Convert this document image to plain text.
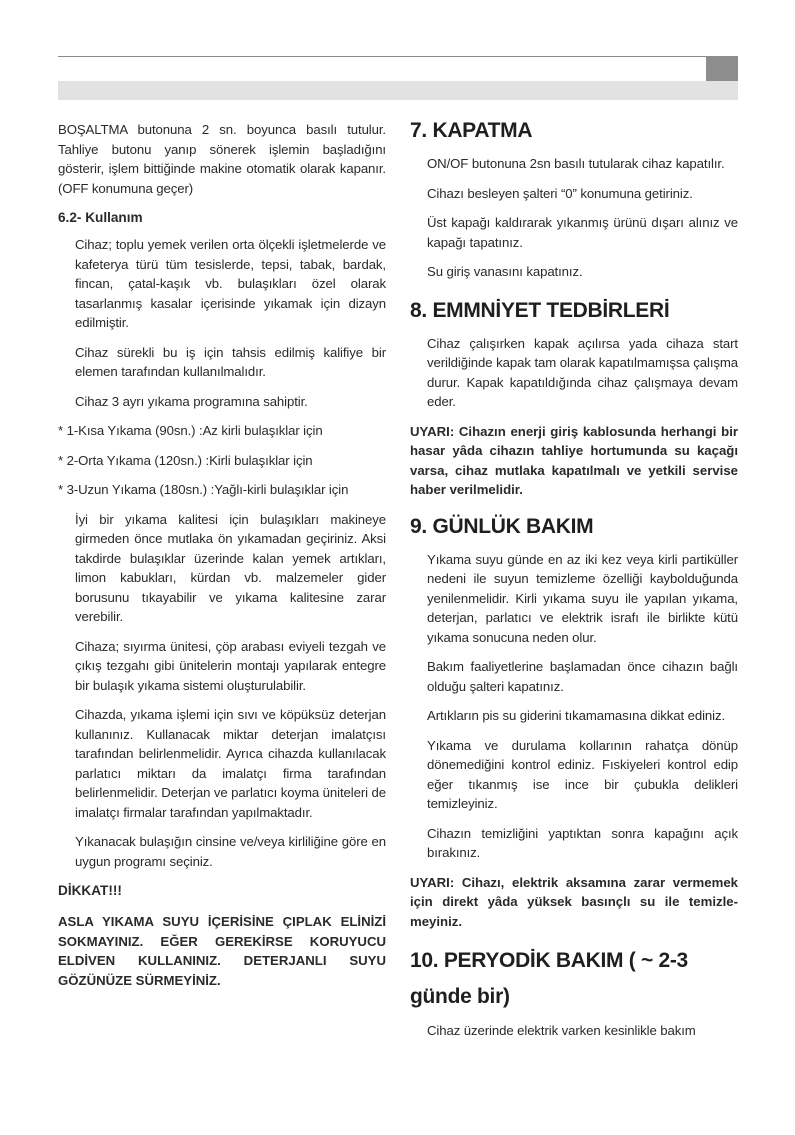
BOŞALTMA butonuna 2 sn. boyunca basılı tutulur. Tahliye butonu yanıp sönerek işlemin başladığını gösterir, işlem bittiğinde makine otomatik olarak kapanır. (OFF konumuna geçer)

6.2- Kullanım

Cihaz; toplu yemek verilen orta ölçekli işletmelerde ve kafeterya türü tüm tesislerde, tepsi, tabak, bardak, fincan, çatal-kaşık vb. bulaşıkları özel olarak tasarlanmış kasalar içerisinde yıkamak için dizayn edilmiştir.

Cihaz sürekli bu iş için tahsis edilmiş kalifiye bir elemen tarafından kullanılmalıdır.

Cihaz 3 ayrı yıkama programına sahiptir.

* 1-Kısa Yıkama (90sn.) :Az kirli bulaşıklar için

* 2-Orta Yıkama (120sn.) :Kirli bulaşıklar için

* 3-Uzun Yıkama (180sn.) :Yağlı-kirli bulaşıklar için

İyi bir yıkama kalitesi için bulaşıkları makineye girmeden önce mutlaka ön yıkamadan geçiriniz. Aksi takdirde bulaşıklar üzerinde kalan yemek artıkları, limon kabukları, kürdan vb. malzemeler gider borusunu tıkayabilir ve yıkama kalitesine zarar verebilir.

Cihaza; sıyırma ünitesi, çöp arabası eviyeli tezgah ve çıkış tezgahı gibi ünitelerin montajı yapılarak entegre bir bulaşık yıkama sistemi oluşturulabilir.

Cihazda, yıkama işlemi için sıvı ve köpüksüz deterjan kullanınız. Kullanacak miktar deterjan imalatçısı tarafından belirlenmelidir. Ayrıca cihazda kullanılacak parlatıcı miktarı da imalatçı firma tarafından belirlenmelidir. Deterjan ve parlatıcı koyma üniteleri de imalatçı firmalar tarafından yapılmaktadır.

Yıkanacak bulaşığın cinsine ve/veya kirliliğine göre en uygun programı seçiniz.

DİKKAT!!!

ASLA YIKAMA SUYU İÇERİSİNE ÇIPLAK ELİNİZİ SOKMAYINIZ. EĞER GEREKİRSE KORUYUCU ELDİVEN KULLANINIZ. DETERJANLI SUYU GÖZÜNÜZE SÜRMEYİNİZ.

7. KAPATMA

ON/OF butonuna 2sn basılı tutularak cihaz kapatılır.

Cihazı besleyen şalteri “0” konumuna getiriniz.

Üst kapağı kaldırarak yıkanmış ürünü dışarı alınız ve kapağı tapatınız.

Su giriş vanasını kapatınız.

8. EMMNİYET TEDBİRLERİ

Cihaz çalışırken kapak açılırsa yada cihaza start verildiğinde kapak tam olarak kapatılmamışsa çalışma durur. Kapak kapatıldığında cihaz çalışmaya devam eder.

UYARI: Cihazın enerji giriş kablosunda herhangi bir hasar yâda cihazın tahliye hortumunda su kaçağı varsa, cihaz mutlaka kapatılmalı ve yetkili servise haber verilmelidir.

9. GÜNLÜK BAKIM

Yıkama suyu günde en az iki kez veya kirli partiküller nedeni ile suyun temizleme özelliği kaybolduğunda yenilenmelidir. Kirli yıkama suyu ile yapılan yıkama, deterjan, parlatıcı ve elektrik israfı ile birlikte kütü yıkama sonucuna neden olur.

Bakım faaliyetlerine başlamadan önce cihazın bağlı olduğu şalteri kapatınız.

Artıkların pis su giderini tıkamamasına dikkat ediniz.

Yıkama ve durulama kollarının rahatça dönüp dönemediğini kontrol ediniz. Fıskiyeleri kontrol edip eğer tıkanmış ise ince bir çubukla delikleri temizleyiniz.

Cihazın temizliğini yaptıktan sonra kapağını açık bırakınız.

UYARI: Cihazı, elektrik aksamına zarar vermemek için direkt yâda yüksek basınçlı su ile temizle-meyiniz.

10. PERYODİK BAKIM ( ~ 2-3 günde bir)

Cihaz üzerinde elektrik varken kesinlikle bakım
